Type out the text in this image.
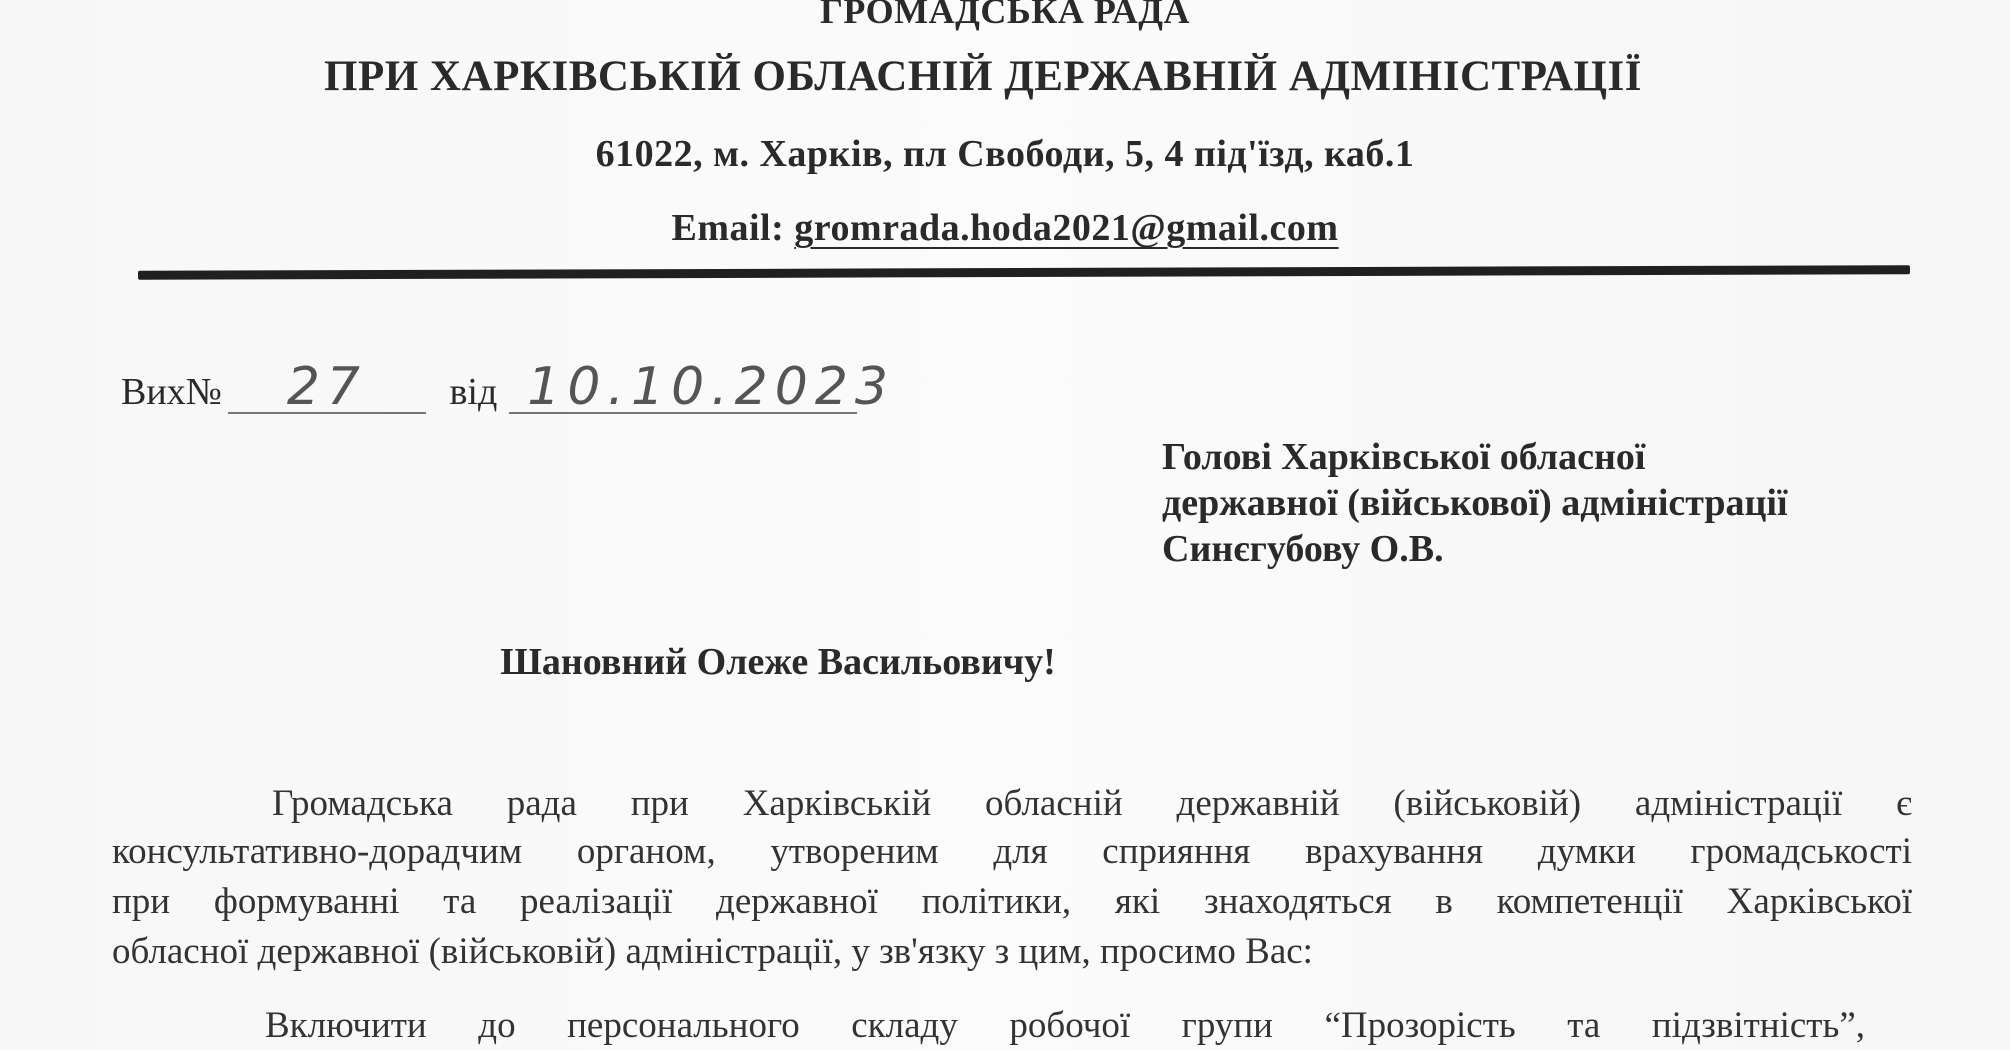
ГРОМАДСЬКА РАДА
ПРИ ХАРКІВСЬКІЙ ОБЛАСНІЙ ДЕРЖАВНІЙ АДМІНІСТРАЦІЇ
61022, м. Харків, пл Свободи, 5, 4 під'їзд, каб.1
Email: gromrada.hoda2021@gmail.com
Вих№ 27 від 10.10.2023
Голові Харківської обласної
державної (військової) адміністрації
Синєгубову О.В.
Шановний Олеже Васильовичу!
Громадська рада при Харківській обласній державній (військовій) адміністрації є
консультативно-дорадчим органом, утвореним для сприяння врахування думки громадськості
при формуванні та реалізації державної політики, які знаходяться в компетенції Харківської
обласної державної (військовій) адміністрації, у зв'язку з цим, просимо Вас:
Включити до персонального складу робочої групи “Прозорість та підзвітність”,
